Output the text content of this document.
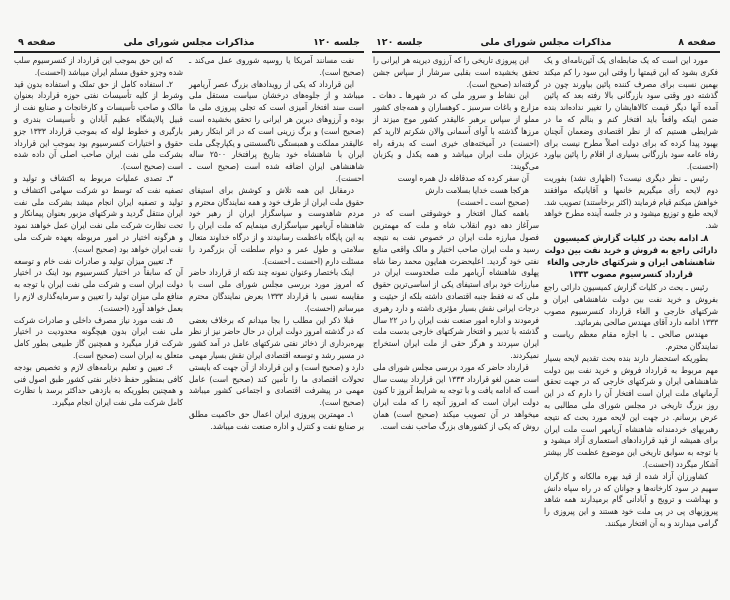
صفحه ۸
مذاکرات مجلس شورای ملی
جلسه ۱۲۰

مورد این است که یک ضابطه‌ای یک آئین‌نامه‌ای و یک فکری بشود که این قیمتها را وقتی این سود را کم میکند بهمین نسبت برای مصرف کننده پائین بیاورند چون در گذشته دور وقتی سود بازرگانی بالا رفته بعد که پائین آمده آنها دیگر قیمت کالاهایشان را تغییر نداده‌اند بنده ضمن اینکه واقعاً باید افتخار کنم و بنالم که ما در شرایطی هستیم که از نظر اقتصادی وضعمان آنچنان بهبود پیدا کرده که برای دولت اصلاً مطرح نیست برای رفاه عامه سود بازرگانی بسیاری از اقلام را پائین بیاورد (احسنت).

رئیس ـ نظر دیگری نیست؟ (اظهاری نشد) بفوریت دوم لایحه رأی میگیریم خانمها و آقایانیکه موافقند خواهش میکنم قیام فرمایند (اکثر برخاستند) تصویب شد. لایحه طبع و توزیع میشود و در جلسه آینده مطرح خواهد شد.

۸ـ ادامه بحث در کلیات گزارش کمیسیون دارائی راجع به فروش و خرید نفت بین دولت شاهنشاهی ایران و شرکتهای خارجی والغاء قرارداد کنسرسیوم مصوب ۱۳۳۳

رئیس ـ بحث در کلیات گزارش کمیسیون دارائی راجع بفروش و خرید نفت بین دولت شاهنشاهی ایران و شرکتهای خارجی و الغاء قرارداد کنسرسیوم مصوب ۱۳۳۳ ادامه دارد آقای مهندس صالحی بفرمائید.

مهندس صالحی ـ با اجازه مقام معظم ریاست و نمایندگان محترم.

بطوریکه استحضار دارند بنده بحث تقدیم لایحه بسیار مهم مربوط به قرارداد فروش و خرید نفت بین دولت شاهنشاهی ایران و شرکتهای خارجی که در جهت تحقق آرمانهای ملت ایران است افتخار آن را دارم که در این روز بزرگ تاریخی در مجلس شورای ملی مطالبی به عرض برسانم. در جهت این لایحه مورد بحث که نتیجه رهبریهای خردمندانه شاهنشاه آریامهر است ملت ایران برای همیشه از قید قراردادهای استعماری آزاد میشود و با توجه به سوابق تاریخی این موضوع عظمت کار بیشتر آشکار میگردد (احسنت).

کشاورزان آزاد شده از قید بهره مالکانه و کارگران سهیم در سود کارخانه‌ها و جوانان که در راه سپاه دانش و بهداشت و ترویج و آبادانی گام برمیدارند همه شاهد پیروزیهای پی در پی ملت خود هستند و این پیروزی را گرامی میدارند و به آن افتخار میکنند.

این پیروزی تاریخی را که آرزوی دیرینه هر ایرانی را تحقق بخشیده است بقلبی سرشار از سپاس جشن گرفته‌اند (صحیح است).

این نشاط و سرور ملی که در شهرها ـ دهات ـ مزارع و باغات سرسبز ـ کوهساران و همه‌جای کشور مملو از سپاس برهبر عالیقدر کشور موج میزند از مرزها گذشته با آوای آسمانی والان شکرتم لاارید کم (احسنت) در آمیخته‌های خیری است که بدرقه راه عزیزان ملت ایران میباشد و همه یکدل و یکزبان می‌گویند:

آن سفر کرده که صدقافله دل همره اوست

هرکجا هست خدایا بسلامت دارش

(صحیح است ـ احسنت)

باهمه کمال افتخار و خوشوقتی است که در سرآغاز دهه دوم انقلاب شاه و ملت که مهمترین فصول مبارزه ملت ایران در خصوص نفت به نتیجه رسید و ملت ایران صاحب اختیار و مالک واقعی منابع نفتی خود گردید. اعلیحضرت همایون محمد رضا شاه پهلوی شاهنشاه آریامهر ملت صلحدوست ایران در مبارزات خود برای استیفای یکی از اساسی‌ترین حقوق ملی که نه فقط جنبه اقتصادی داشته بلکه از حیثیت و درجات ایرانی نقش بسیار مؤثری داشته و دارد رهبری فرمودند و اداره امور صنعت نفت ایران را در ۲۲ سال گذشته با تدبیر و افتخار شرکتهای خارجی بدست ملت ایران سپردند و هرگز حقی از ملت ایران استخراج نمیکردند.

قرارداد حاضر که مورد بررسی مجلس شورای ملی است ضمن لغو قرارداد ۱۳۳۳ این قرارداد بیست سال است که ادامه یافت و با توجه به شرایط آنروز تا کنون دولت ایران است که امروز آنچه را که ملت ایران میخواهد در آن تصویب میکند (صحیح است) همان روش که یکی از کشورهای بزرگ صاحب نفت است.

جلسه ۱۲۰
مذاکرات مجلس شورای ملی
صفحه ۹

نفت مسانند آمریکا یا روسیه شوروی عمل می‌کند ـ (صحیح است).

این قرارداد که یکی از رویدادهای بزرگ عصر آریامهر میباشد و از جلوه‌های درخشان سیاست مستقل ملی است سند افتخار آمیزی است که تجلی پیروزی ملی ما بوده و آرزوهای دیرین هر ایرانی را تحقق بخشیده است (صحیح است) و برگ زرینی است که در اثر ابتکار رهبر عالیقدر مملکت و همبستگی ناگسستنی و یکپارچگی ملت ایران با شاهنشاه خود بتاریخ پرافتخار ۲۵۰۰ ساله شاهنشاهی ایران اضافه شده است (صحیح است ـ احسنت).

درمقابل این همه تلاش و کوشش برای استیفای حقوق ملت ایران از طرف خود و همه نمایندگان محترم و مردم شاهدوست و سپاسگزار ایران از رهبر خود شاهنشاه آریامهر سپاسگزاری مینمایم که ملت ایران را به این پایگاه باعظمت رسانیدند و از درگاه خداوند متعال سلامتی و طول عمر و دوام سلطنت آن بزرگمرد را مسئلت دارم (احسنت ـ احسنت).

اینک باختصار وعنوان نمونه چند نکته از قرارداد حاضر که امروز مورد بررسی مجلس شورای ملی است با مقایسه نسبی با قرارداد ۱۳۳۳ بعرض نمایندگان محترم میرسانم (احسنت).

قبلا ذکر این مطلب را بجا میدانم که برخلاف بعضی که در گذشته امروز دولت ایران در حال حاضر نیز از نظر بهره‌برداری از ذخائر نفتی شرکتهای عامل در آمد کشور در مسیر رشد و توسعه اقتصادی ایران نقش بسیار مهمی دارد و (صحیح است) و این قرارداد از آن جهت که بایستی تحولات اقتصادی ما را تأمین کند (صحیح است) عامل مهمی در پیشرفت اقتصادی و اجتماعی کشور میباشد (صحیح است).

۱ـ مهمترین پیروزی ایران اعمال حق حاکمیت مطلق بر صنایع نفت و کنترل و اداره صنعت نفت میباشد.

که این حق بموجب این قرارداد از کنسرسیوم سلب شده وجزو حقوق مسلم ایران میباشد (احسنت).

۲ـ استفاده کامل از حق تملک و استفاده بدون قید وشرط از کلیه تأسیسات نفتی حوزه قرارداد بعنوان مالک و صاحب تأسیسات و کارخانجات و صنایع نفت از قبیل پالایشگاه عظیم آبادان و تأسیسات بندری و بارگیری و خطوط لوله که بموجب قرارداد ۱۳۳۳ جزو حقوق و اختیارات کنسرسیوم بود بموجب این قرارداد بشرکت ملی نفت ایران صاحب اصلی آن داده شده است (صحیح است).

۳ـ تصدی عملیات مربوط به اکتشاف و تولید و تصفیه نفت که توسط دو شرکت سهامی اکتشاف و تولید و تصفیه ایران انجام میشد بشرکت ملی نفت ایران منتقل گردید و شرکتهای مزبور بعنوان پیمانکار و تحت نظارت شرکت ملی نفت ایران عمل خواهند نمود و هرگونه اختیار در امور مربوطه بعهده شرکت ملی نفت ایران خواهد بود (صحیح است).

۴ـ تعیین میزان تولید و صادرات نفت خام و توسعه آن که سابقاً در اختیار کنسرسیوم بود اینک در اختیار دولت ایران است و شرکت ملی نفت ایران با توجه به منافع ملی میزان تولید را تعیین و سرمایه‌گذاری لازم را بعمل خواهد آورد (احسنت).

۵ـ نفت مورد نیاز مصرف داخلی و صادرات شرکت ملی نفت ایران بدون هیچگونه محدودیت در اختیار شرکت قرار میگیرد و همچنین گاز طبیعی بطور کامل متعلق به ایران است (صحیح است).

۶ـ تعیین و تعلیم برنامه‌های لازم و تخصیص بودجه کافی بمنظور حفظ ذخایر نفتی کشور طبق اصول فنی و همچنین بطوریکه به بازدهی حداکثر برسد با نظارت کامل شرکت ملی نفت ایران انجام میگیرد.
